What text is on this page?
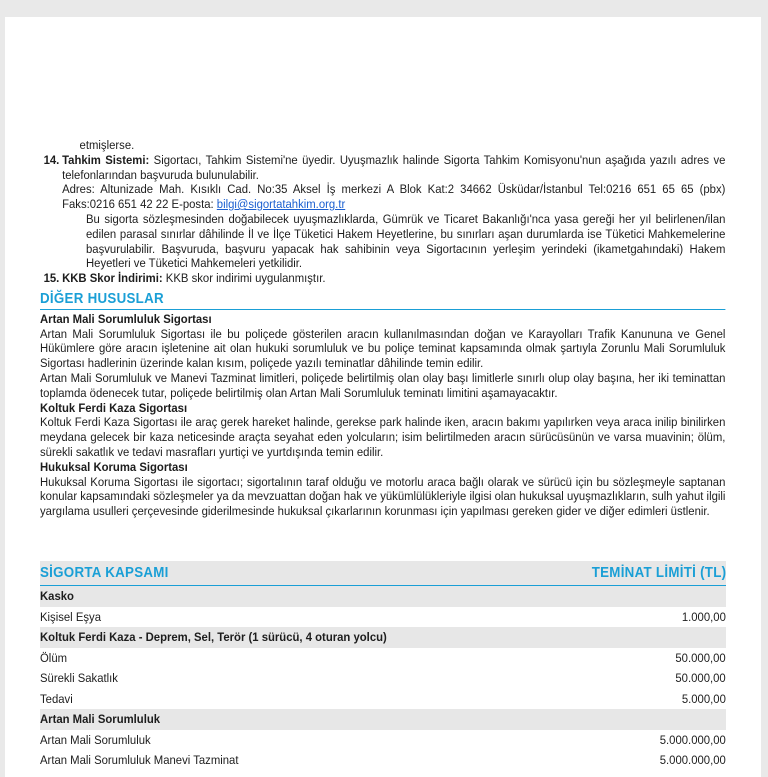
etmişlerse.

14. Tahkim Sistemi: Sigortacı, Tahkim Sistemi'ne üyedir. Uyuşmazlık halinde Sigorta Tahkim Komisyonu'nun aşağıda yazılı adres ve telefonlarından başvuruda bulunulabilir.

Adres: Altunizade Mah. Kısıklı Cad. No:35 Aksel İş merkezi A Blok Kat:2 34662 Üsküdar/İstanbul Tel:0216 651 65 65 (pbx) Faks:0216 651 42 22 E-posta: bilgi@sigortatahkim.org.tr

Bu sigorta sözleşmesinden doğabilecek uyuşmazlıklarda, Gümrük ve Ticaret Bakanlığı'nca yasa gereği her yıl belirlenen/ilan edilen parasal sınırlar dâhilinde İl ve İlçe Tüketici Hakem Heyetlerine, bu sınırları aşan durumlarda ise Tüketici Mahkemelerine başvurulabilir. Başvuruda, başvuru yapacak hak sahibinin veya Sigortacının yerleşim yerindeki (ikametgahındaki) Hakem Heyetleri ve Tüketici Mahkemeleri yetkilidir.

15. KKB Skor İndirimi: KKB skor indirimi uygulanmıştır.

DİĞER HUSUSLAR
Artan Mali Sorumluluk Sigortası

Artan Mali Sorumluluk Sigortası ile bu poliçede gösterilen aracın kullanılmasından doğan ve Karayolları Trafik Kanununa ve Genel Hükümlere göre aracın işletenine ait olan hukuki sorumluluk ve bu poliçe teminat kapsamında olmak şartıyla Zorunlu Mali Sorumluluk Sigortası hadlerinin üzerinde kalan kısım, poliçede yazılı teminatlar dâhilinde temin edilir.

Artan Mali Sorumluluk ve Manevi Tazminat limitleri, poliçede belirtilmiş olan olay başı limitlerle sınırlı olup olay başına, her iki teminattan toplamda ödenecek tutar, poliçede belirtilmiş olan Artan Mali Sorumluluk teminatı limitini aşamayacaktır.

Koltuk Ferdi Kaza Sigortası

Koltuk Ferdi Kaza Sigortası ile araç gerek hareket halinde, gerekse park halinde iken, aracın bakımı yapılırken veya araca inilip binilirken meydana gelecek bir kaza neticesinde araçta seyahat eden yolcuların; isim belirtilmeden aracın sürücüsünün ve varsa muavinin; ölüm, sürekli sakatlık ve tedavi masrafları yurtiçi ve yurtdışında temin edilir.

Hukuksal Koruma Sigortası

Hukuksal Koruma Sigortası ile sigortacı; sigortalının taraf olduğu ve motorlu araca bağlı olarak ve sürücü için bu sözleşmeyle saptanan konular kapsamındaki sözleşmeler ya da mevzuattan doğan hak ve yükümlülükleriyle ilgisi olan hukuksal uyuşmazlıkların, sulh yahut ilgili yargılama usulleri çerçevesinde giderilmesinde hukuksal çıkarlarının korunması için yapılması gereken gider ve diğer edimleri üstlenir.

SİGORTA KAPSAMI	TEMİNAT LİMİTİ (TL)
Kasko
Kişisel Eşya	1.000,00
Koltuk Ferdi Kaza - Deprem, Sel, Terör (1 sürücü, 4 oturan yolcu)
Ölüm	50.000,00
Sürekli Sakatlık	50.000,00
Tedavi	5.000,00
Artan Mali Sorumluluk
Artan Mali Sorumluluk	5.000.000,00
Artan Mali Sorumluluk Manevi Tazminat	5.000.000,00
